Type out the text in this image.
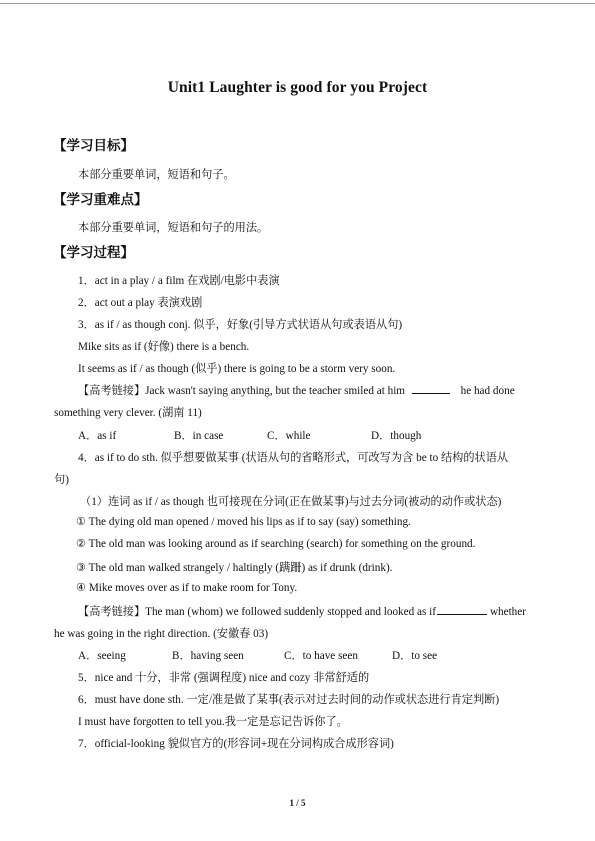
Unit1 Laughter is good for you Project
【学习目标】
本部分重要单词，短语和句子。
【学习重难点】
本部分重要单词，短语和句子的用法。
【学习过程】
1．act in a play / a film 在戏剧/电影中表演
2．act out a play 表演戏剧
3．as if / as though conj. 似乎，好象(引导方式状语从句或表语从句)
Mike sits as if (好像) there is a bench.
It seems as if / as though (似乎) there is going to be a storm very soon.
【高考链接】Jack wasn't saying anything, but the teacher smiled at him	he had done
something very clever. (湖南 11)
A．as if	B．in case	C．while	D．though
4．as if to do sth. 似乎想要做某事 (状语从句的省略形式，可改写为含 be to 结构的状语从
句)
（1）连词 as if / as though 也可接现在分词(正在做某事)与过去分词(被动的动作或状态)
① The dying old man opened / moved his lips as if to say (say) something.
② The old man was looking around as if searching (search) for something on the ground.
③ The old man walked strangely / haltingly (蹒跚) as if drunk (drink).
④ Mike moves over as if to make room for Tony.
【高考链接】The man (whom) we followed suddenly stopped and looked as if	whether
he was going in the right direction. (安徽春 03)
A．seeing	B．having seen	C．to have seen	D．to see
5．nice and 十分，非常 (强调程度) nice and cozy 非常舒适的
6．must have done sth. 一定/准是做了某事(表示对过去时间的动作或状态进行肯定判断)
I must have forgotten to tell you.我一定是忘记告诉你了。
7．official-looking 貌似官方的(形容词+现在分词构成合成形容词)
1 / 5
